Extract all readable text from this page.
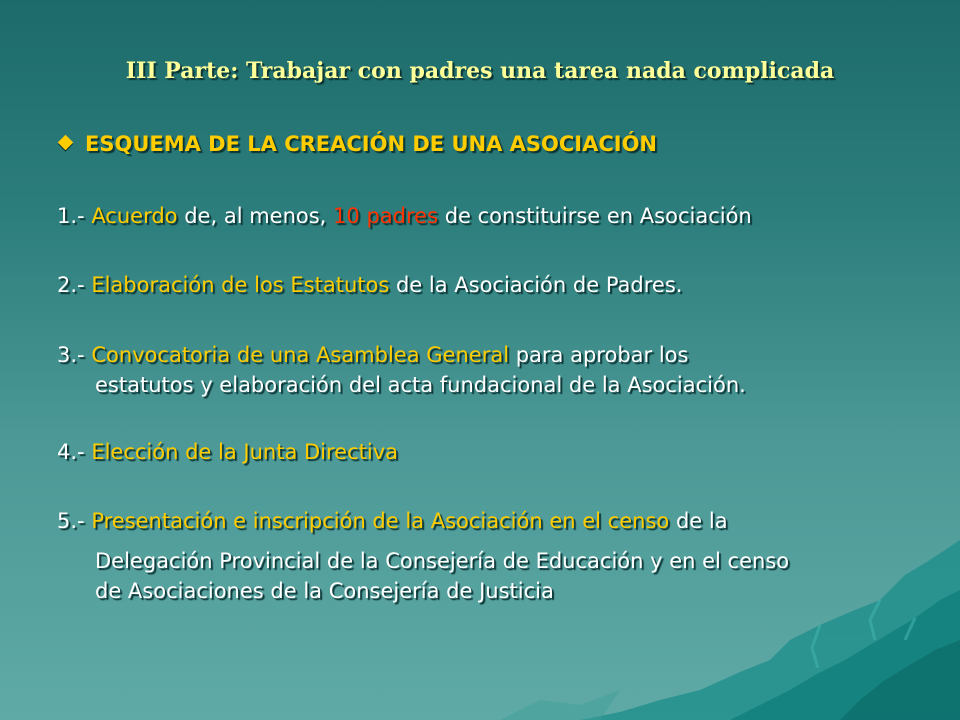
III Parte: Trabajar con padres una tarea nada complicada
ESQUEMA DE LA CREACIÓN DE UNA ASOCIACIÓN
1.- Acuerdo de, al menos, 10 padres de constituirse en Asociación
2.- Elaboración de los Estatutos de la Asociación de Padres.
3.- Convocatoria de una Asamblea General para aprobar los
estatutos y elaboración del acta fundacional de la Asociación.
4.- Elección de la Junta Directiva
5.- Presentación e inscripción de la Asociación en el censo de la
Delegación Provincial de la Consejería de Educación y en el censo
de Asociaciones de la Consejería de Justicia
